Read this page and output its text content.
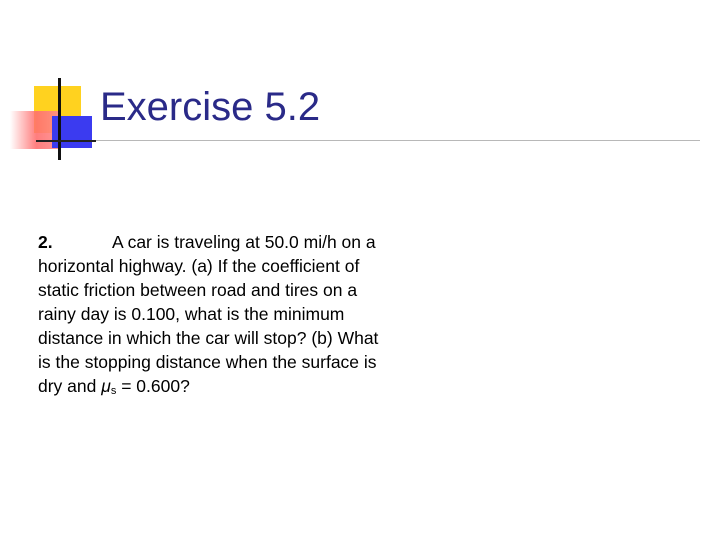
Exercise 5.2

2.	A car is traveling at 50.0 mi/h on a horizontal highway. (a) If the coefficient of static friction between road and tires on a rainy day is 0.100, what is the minimum distance in which the car will stop? (b) What is the stopping distance when the surface is dry and μs = 0.600?
